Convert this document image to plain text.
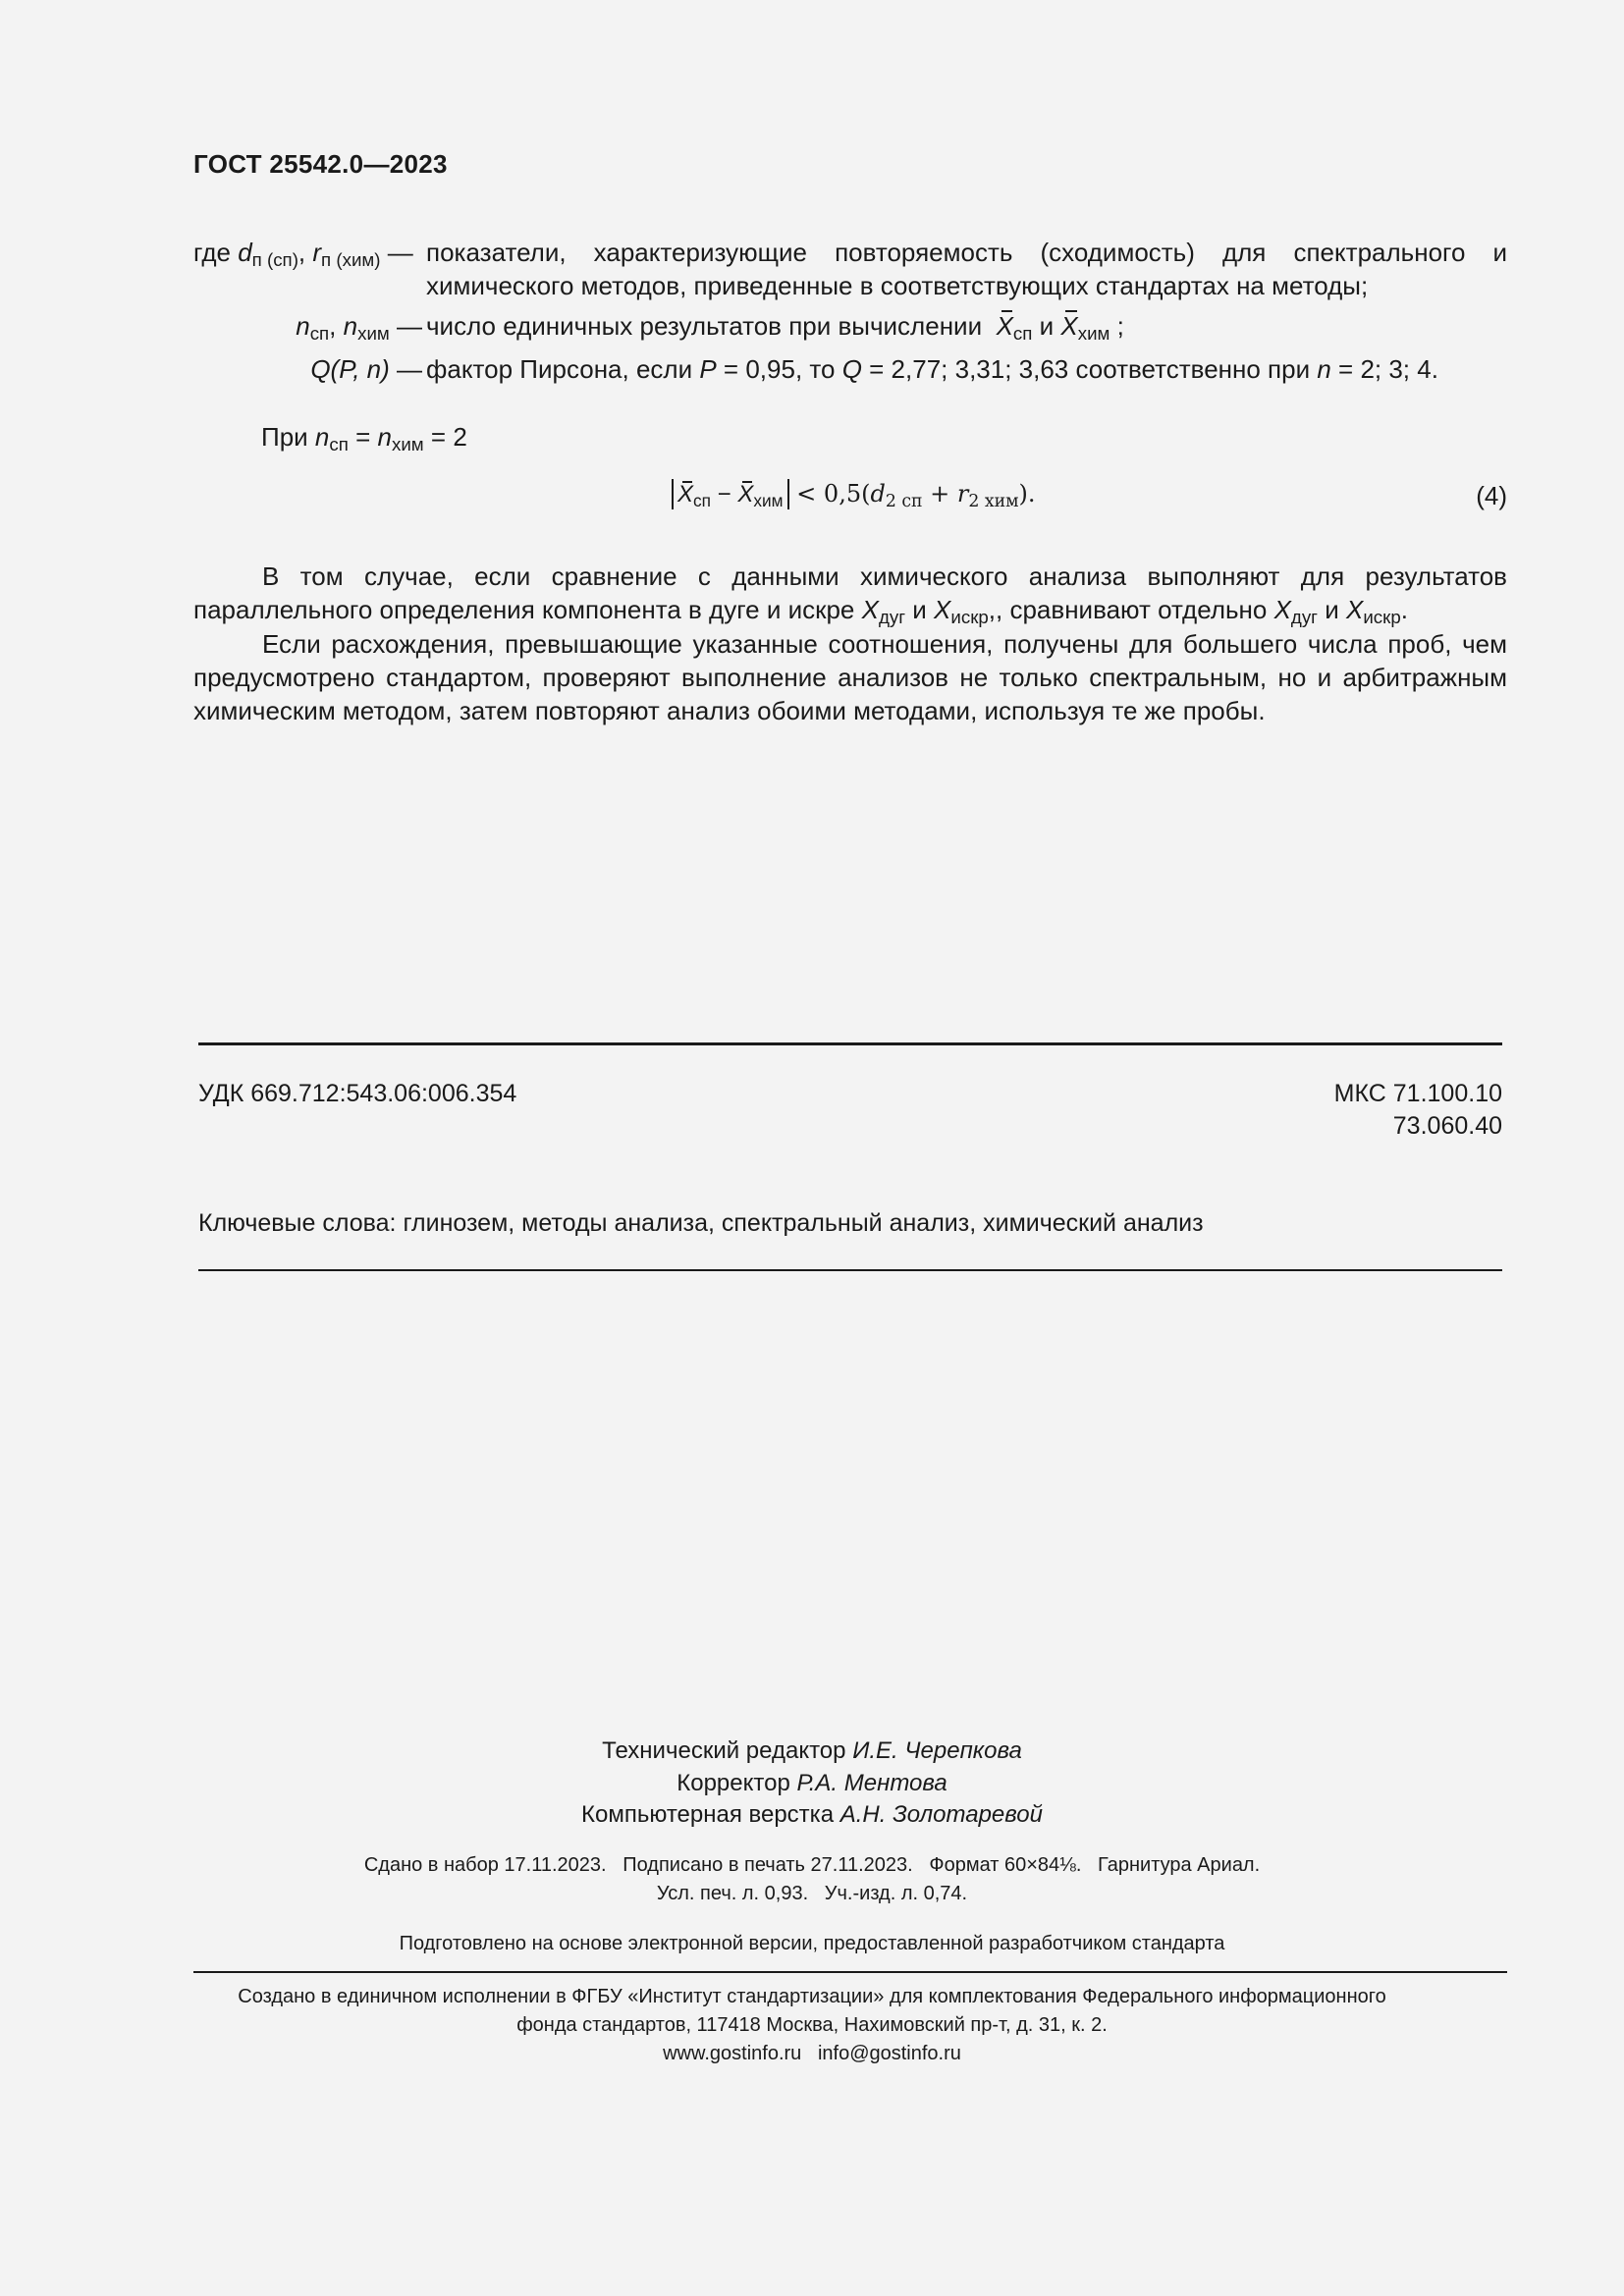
ГОСТ 25542.0—2023
где $d_{п (сп)}$, $r_{п (хим)}$ — показатели, характеризующие повторяемость (сходимость) для спектрального и химического методов, приведенные в соответствующих стандартах на методы;
$n_{сп}$, $n_{хим}$ — число единичных результатов при вычислении $X_{сп}$ и $X_{хим}$ ;
Q(P, n) — фактор Пирсона, если P = 0,95, то Q = 2,77; 3,31; 3,63 соответственно при n = 2; 3; 4.
При $n_{сп} = n_{хим} = 2$
$X_{сп} - X_{хим} < 0,5(d_{2 сп} + r_{2 хим})$.	(4)

В том случае, если сравнение с данными химического анализа выполняют для результатов параллельного определения компонента в дуге и искре $X_{дуг}$ и $X_{искр}$,, сравнивают отдельно $X_{дуг}$ и $X_{искр}$.

Если расхождения, превышающие указанные соотношения, получены для большего числа проб, чем предусмотрено стандартом, проверяют выполнение анализов не только спектральным, но и арбитражным химическим методом, затем повторяют анализ обоими методами, используя те же пробы.

УДК 669.712:543.06:006.354	МКС 71.100.10
73.060.40
Ключевые слова: глинозем, методы анализа, спектральный анализ, химический анализ
Технический редактор И.Е. Черепкова
Корректор Р.А. Ментова
Компьютерная верстка А.Н. Золотаревой
Сдано в набор 17.11.2023.   Подписано в печать 27.11.2023.   Формат 60×84⅛.   Гарнитура Ариал.
Усл. печ. л. 0,93.   Уч.-изд. л. 0,74.
Подготовлено на основе электронной версии, предоставленной разработчиком стандарта
Создано в единичном исполнении в ФГБУ «Институт стандартизации» для комплектования Федерального информационного
фонда стандартов, 117418 Москва, Нахимовский пр-т, д. 31, к. 2.
www.gostinfo.ru   info@gostinfo.ru
